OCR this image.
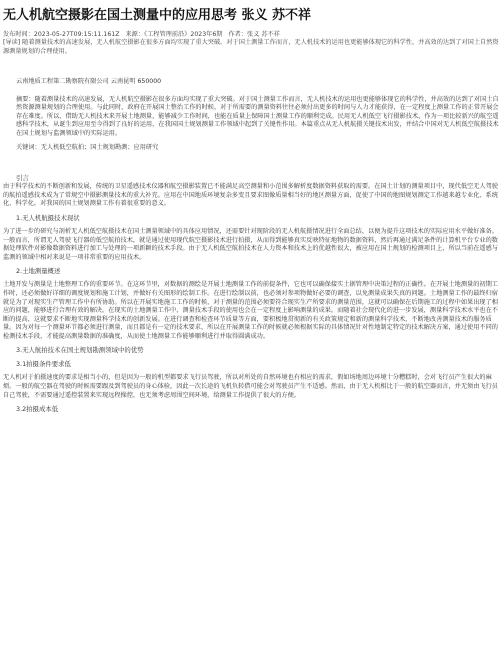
无人机航空摄影在国土测量中的应用思考 张义 苏不祥
发布时间：2023-05-27T09:15:11.161Z 来源：《工程管理前沿》2023年6期 作者：张义 苏不祥
[导读] 随着测量技术的高速发展，无人机航空摄影在很多方面均实现了重大突破。对于国土测量工作而言，无人机技术的运用也更能够体现它的科学性，并高效的达到了对国土自然资源测量规划的合理使用。
云南地质工程第二勘察院有限公司 云南昆明 650000
摘要：随着测量技术的高速发展，无人机航空摄影在很多方面均实现了重大突破。对于国土测量工作而言，无人机技术的运用也更能够体现它的科学性，并高效的达到了对国土自然资源测量规划的合理使用。与此同时，政府在开展国土整治工作的时候，对于所需要的测量资料往往必须付出更多的时间与人力才能获得，在一定程度上测量工作的正常开展会存在难度。所以，借助无人机技术来开展土地测量，能够减少工作时间，也能在质量上保障国土测量工作的顺利完成。民用无人机低空飞行摄影技术，作为一项比较新兴的航空遥感科学技术，从诞生到应用至今得到了良好的运用，在我国国土规划测量工作领域中起到了关键性作用。本篇重点从无人机航摄关键技术出发，并结合中国对无人机低空航摄技术在国土规划与监测领域中的实际运用。
关键词：无人机低空航拍；国土规划勘测；应用研究
引言
由于科学技术的不断创新和发展，传统的卫星遥感技术仪器和航空摄影装置已不能满足高空测量和小范围多解析度数据资料获取的需要。在国土计划的测量项目中，现代低空无人驾驶的航拍遥感技术成为了常规空中摄影测量技术的重大补充。应用在中国地质环境复杂多变且要求图像质量相当好的地区测量方面，促使了中国的地图规划测定工作越来越专业化、系统化、科学化。对我国的国土规划测量工作有着很重要的意义。
1.无人机航摄技术现状
为了进一步的研究与剖析无人机低空航摄技术在国土测量领域中的具体应用情况，还需要针对现阶段的无人机航摄情况进行全面总结，以便为提升这项技术的实际应用水平做好准备。一般而言，所谓无人驾驶飞行器的低空航拍技术，就是通过使用现代航空摄影技术进行拍摄，从而得到能够真实反映特征地物的数据资料，然后再通过满足条件的计算机平台专业的数据处理软件对影像数据资料进行加工与处理的一项新颖的技术手段。由于无人机低空航拍技术在人力资本和技术上的优越性很大，被应用在国土规划的检测项目上，所以当前在遥感与监测的领域中相对来说是一项非常重要的应用技术。
2.土地测量概述
土地开发与测量是土地整理工作的重要环节。在这环节里，对数据的测绘是开展土地测量工作的前提条件，它也可以确保接实土据管理中决策过程的正确性。在开展土地测量的初期工作时，还必须做好详细的调度规划和施工计划，并做好有关图形的绘制工作。在进行绘制以前，也必须对参项物做好必要的调查，以免测量成果失真的问题。土地测量工作的最终归宿就是为了对现实生产管理工作中有所协助。所以在开展实地施工工作的时候，对于测量的范围必须要符合现实生产所要求的测量范围，这就可以确保在后期施工的过程中如果出现了相应的问题，能够进行合理有效的解决。在现实的土地测量工作中，测量技术手段的使用也会在一定程度上影响测量的成果。而随着社会现代化的进一步发展，测量科学技术水平也在不断的提高，这就要求不断地实现测量科学技术的创新发展。在进行调查和检查环节质量等方面，要积极地贯彻新的有关政策规定和新的测量科学技术，不断地改善测量技术的服务质量。因为对每一个测量环节都必须进行测量，而且都是有一定的技术要求，所以在开展测量工作的时候就必须根据实际的具体情况针对性地制定特定的技术解决方案，通过使用不同的检测技术手段，才能提高测量数据的准确度，从而使土地测量工作能够顺利进行并取得圆满成功。
3.无人航拍技术在国土规划勘测领域中的优势
3.1拍摄条件要求低
无人机对于拍摄速度的要求是相当小的，但是因为一般的机型都要求飞行员驾驶，所以对所处的自然环境也有相应的需求，假如场地周边环境十分糟糕时，会对飞行员产生很大的麻烦。一般的航空器在驾驶的时候需要跟及到驾驶员的身心体验，因此一次长途的飞机负转借可能会对驾驶员产生不适感。然而，由于无人机相比于一般的航空器而言，并无须由飞行员自己驾驶，不需要通过遥控装置来实现远程操控，也无须考虑周围空间环境，给测量工作提供了很大的方便。
3.2拍摄成本低
